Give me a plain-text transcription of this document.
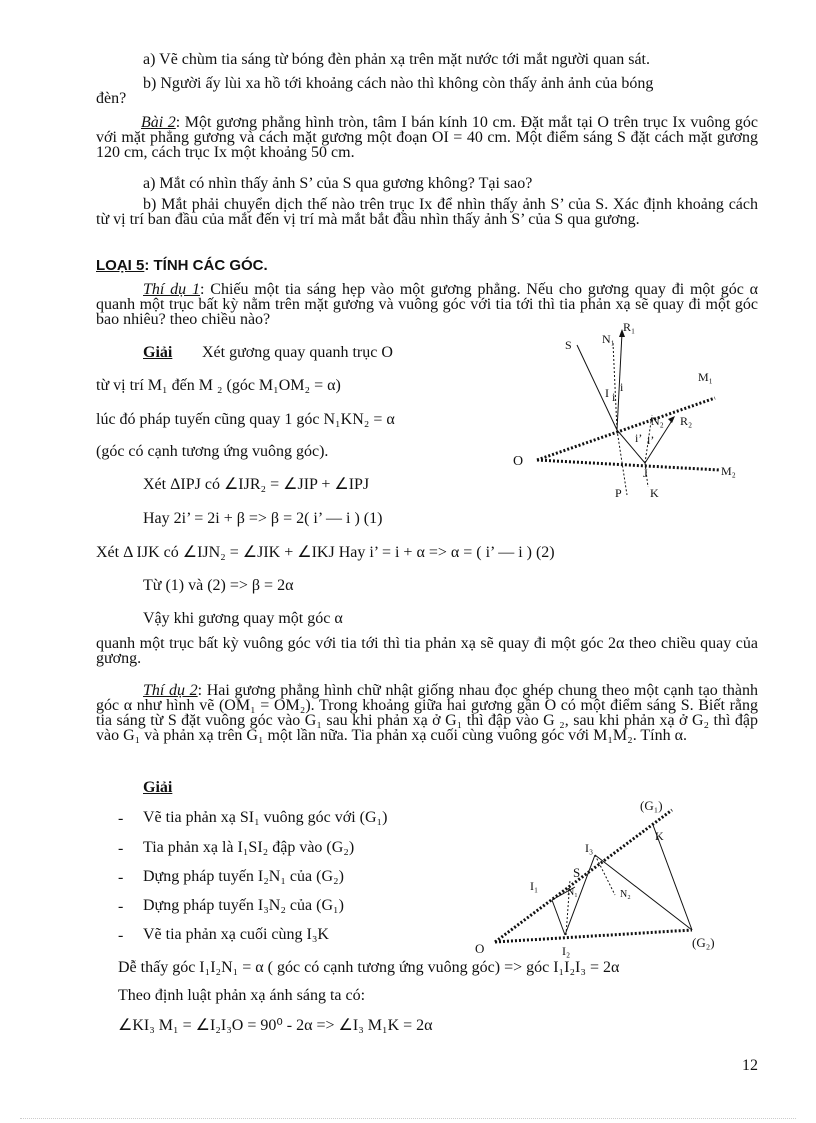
a) Vẽ chùm tia sáng từ bóng đèn phản xạ trên mặt nước tới mắt người quan sát.
b) Người ấy lùi xa hồ tới khoảng cách nào thì không còn thấy ảnh ảnh của bóng
đèn?
Bài 2: Một gương phẳng hình tròn, tâm I bán kính 10 cm. Đặt mắt tại O trên trục Ix vuông góc với mặt phẳng gương và cách mặt gương một đoạn OI = 40 cm. Một điểm sáng S đặt cách mặt gương 120 cm, cách trục Ix một khoảng 50 cm.
a) Mắt có nhìn thấy ảnh S’ của S qua gương không? Tại sao?
b) Mắt phải chuyển dịch thế nào trên trục Ix để nhìn thấy ảnh S’ của S. Xác định khoảng cách từ vị trí ban đầu của mắt đến vị trí mà mắt bắt đầu nhìn thấy ảnh S’ của S qua gương.
LOẠI 5: TÍNH CÁC GÓC.
Thí dụ 1: Chiếu một tia sáng hẹp vào một gương phẳng. Nếu cho gương quay đi một góc α quanh một trục bất kỳ nằm trên mặt gương và vuông góc với tia tới thì tia phản xạ sẽ quay đi một góc bao nhiêu? theo chiều nào?
Giải Xét gương quay quanh trục O
từ vị trí M₁ đến M ₂ (góc M₁OM₂ = α)
lúc đó pháp tuyến cũng quay 1 góc N₁KN₂ = α
(góc có cạnh tương ứng vuông góc).
Xét ΔIPJ có ∠IJR₂ = ∠JIP + ∠IPJ
Hay 2i’ = 2i + β => β = 2( i’ — i ) (1)
Xét Δ IJK có ∠IJN₂ = ∠JIK + ∠IKJ Hay i’ = i + α => α = ( i’ — i ) (2)
Từ (1) và (2) => β = 2α
Vậy khi gương quay một góc α
quanh một trục bất kỳ vuông góc với tia tới thì tia phản xạ sẽ quay đi một góc 2α theo chiều quay của gương.
Thí dụ 2: Hai gương phẳng hình chữ nhật giống nhau đọc ghép chung theo một cạnh tạo thành góc α như hình vẽ (OM₁ = OM₂). Trong khoảng giữa hai gương gần O có một điểm sáng S. Biết rằng tia sáng từ S đặt vuông góc vào G₁ sau khi phản xạ ở G₁ thì đập vào G ₂, sau khi phản xạ ở G₂ thì đập vào G₁ và phản xạ trên G₁ một lần nữa. Tia phản xạ cuối cùng vuông góc với M₁M₂. Tính α.
Giải
- Vẽ tia phản xạ SI₁ vuông góc với (G₁)
- Tia phản xạ là I₁SI₂ đập vào (G₂)
- Dựng pháp tuyến I₂N₁ của (G₂)
- Dựng pháp tuyến I₃N₂ của (G₁)
- Vẽ tia phản xạ cuối cùng I₃K
Dễ thấy góc I₁I₂N₁ = α ( góc có cạnh tương ứng vuông góc) => góc I₁I₂I₃ = 2α
Theo định luật phản xạ ánh sáng ta có:
∠KI₃ M₁ = ∠I₂I₃O = 90⁰ - 2α => ∠I₃ M₁K = 2α
12
S	N₁
R₁
M₁
I i
i
N₂ R₂
i’ i’
O
J	M₂
P K
(G₁)
K
I₃
S
I₁	N₁	N₂
O	I₂
(G₂)
